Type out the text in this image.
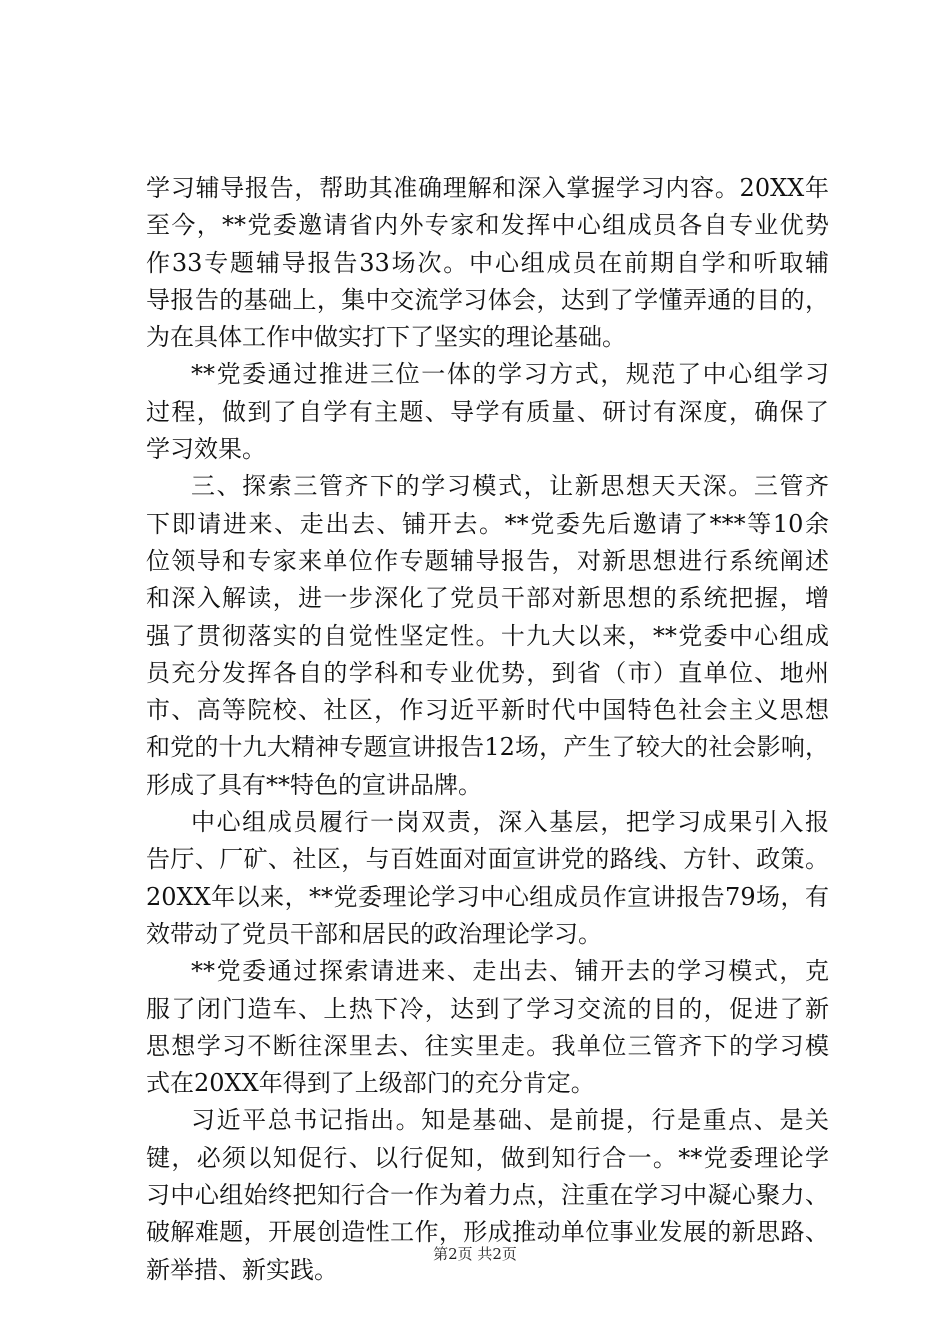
学习辅导报告，帮助其准确理解和深入掌握学习内容。20XX年
至今，**党委邀请省内外专家和发挥中心组成员各自专业优势
作33专题辅导报告33场次。中心组成员在前期自学和听取辅
导报告的基础上，集中交流学习体会，达到了学懂弄通的目的，
为在具体工作中做实打下了坚实的理论基础。
**党委通过推进三位一体的学习方式，规范了中心组学习
过程，做到了自学有主题、导学有质量、研讨有深度，确保了
学习效果。
三、探索三管齐下的学习模式，让新思想天天深。三管齐
下即请进来、走出去、铺开去。**党委先后邀请了***等10余
位领导和专家来单位作专题辅导报告，对新思想进行系统阐述
和深入解读，进一步深化了党员干部对新思想的系统把握，增
强了贯彻落实的自觉性坚定性。十九大以来，**党委中心组成
员充分发挥各自的学科和专业优势，到省（市）直单位、地州
市、高等院校、社区，作习近平新时代中国特色社会主义思想
和党的十九大精神专题宣讲报告12场，产生了较大的社会影响，
形成了具有**特色的宣讲品牌。
中心组成员履行一岗双责，深入基层，把学习成果引入报
告厅、厂矿、社区，与百姓面对面宣讲党的路线、方针、政策。
20XX年以来，**党委理论学习中心组成员作宣讲报告79场，有
效带动了党员干部和居民的政治理论学习。
**党委通过探索请进来、走出去、铺开去的学习模式，克
服了闭门造车、上热下冷，达到了学习交流的目的，促进了新
思想学习不断往深里去、往实里走。我单位三管齐下的学习模
式在20XX年得到了上级部门的充分肯定。
习近平总书记指出。知是基础、是前提，行是重点、是关
键，必须以知促行、以行促知，做到知行合一。**党委理论学
习中心组始终把知行合一作为着力点，注重在学习中凝心聚力、
破解难题，开展创造性工作，形成推动单位事业发展的新思路、
新举措、新实践。
第2页 共2页
